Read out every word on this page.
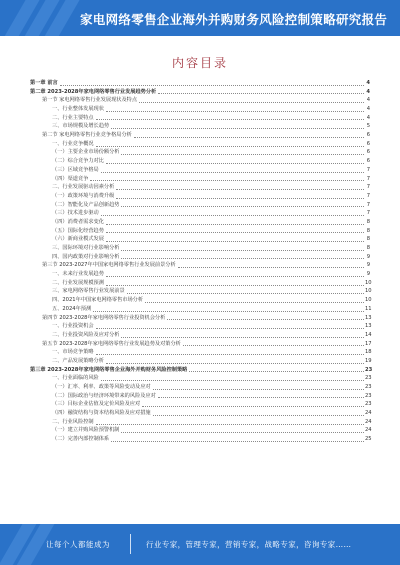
家电网络零售企业海外并购财务风险控制策略研究报告
内容目录
第一章 前言	4
第二章 2023-2028年家电网络零售行业发展趋势分析	4
第一节 家电网络零售行业发展现状及特点	4
一、行业整体发展现状	4
二、行业主要特点	4
三、市场规模及增长趋势	5
第二节 家电网络零售行业竞争格局分析	6
一、行业竞争概况	6
（一）主要企业市场份额分析	6
（二）综合竞争力对比	6
（三）区域竞争格局	7
（四）渠道竞争	7
二、行业发展驱动因素分析	7
（一）政策环境与消费升级	7
（二）智能化及产品创新趋势	7
（三）技术进步驱动	7
（四）消费者需求变化	8
（五）国际化经营趋势	8
（六）新商业模式发展	8
三、国际环境对行业影响分析	8
四、国内政策对行业影响分析	9
第三节 2023-2027年中国家电网络零售行业发展前景分析	9
一、未来行业发展趋势	9
二、行业发展规模预测	10
三、家电网络零售行业发展前景	10
四、2021年中国家电网络零售市场分析	10
五、2024年预测	11
第四节 2023-2028年家电网络零售行业投资机会分析	13
一、行业投资机会	13
二、行业投资风险及应对分析	14
第五节 2023-2028年家电网络零售行业发展趋势及对策分析	17
一、市场竞争策略	18
二、产品发展策略分析	19
第三章 2023-2028年家电网络零售企业海外并购财务风险控制策略	23
一、行业面临的风险	23
（一）汇率、利率、政策等风险变动及应对	23
（二）国际政治与经济环境带来的风险及应对	23
（三）目标企业估值及定价风险及应对	23
（四）融资结构与资本结构风险及应对措施	24
二、行业风险控制	24
（一）建立并购风险预警机制	24
（二）完善内部控制体系	25
让每个人都能成为	行业专家，管理专家，营销专家，战略专家，咨询专家……
